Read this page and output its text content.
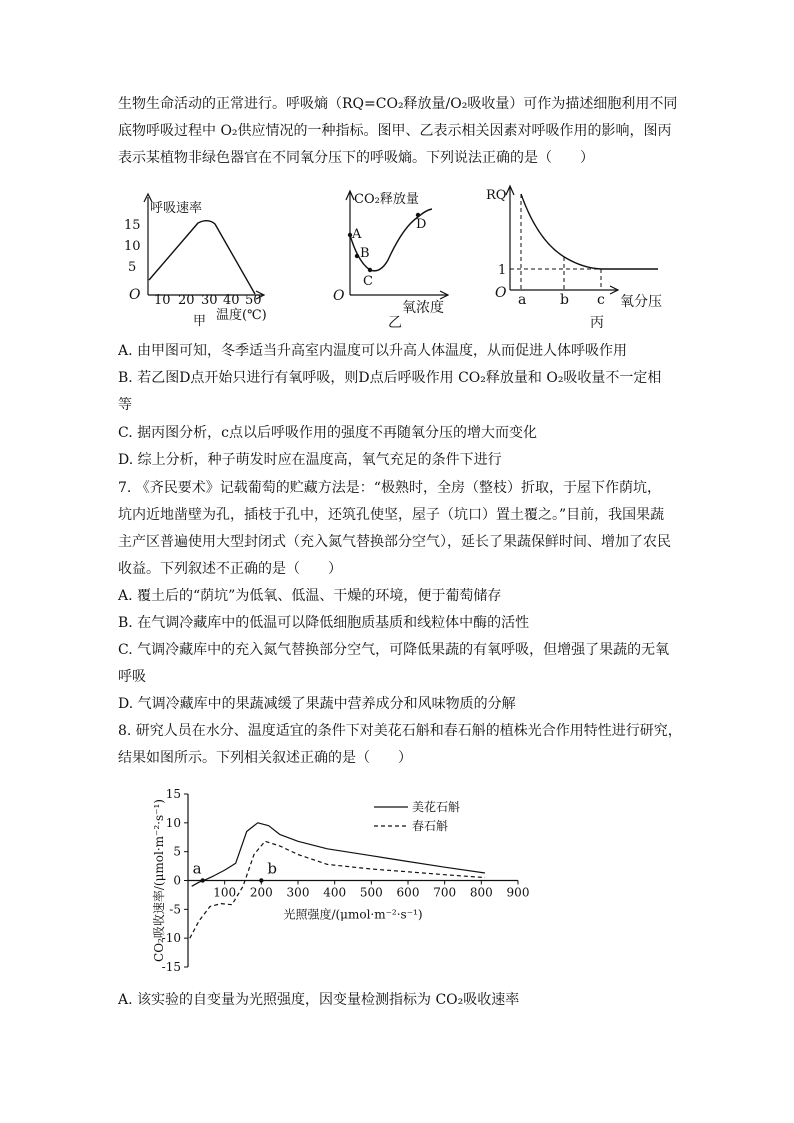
生物生命活动的正常进行。呼吸熵（RQ=CO₂释放量/O₂吸收量）可作为描述细胞利用不同

底物呼吸过程中 O₂供应情况的一种指标。图甲、乙表示相关因素对呼吸作用的影响，图丙

表示某植物非绿色器官在不同氧分压下的呼吸熵。下列说法正确的是（　　）

呼吸速率
15
10
5
O 10 20 30 40 50
甲 温度(℃)
CO₂释放量
A
B
C
D
O
氧浓度
乙
RQ
1
O a b c 氧分压
丙

A. 由甲图可知，冬季适当升高室内温度可以升高人体温度，从而促进人体呼吸作用

B. 若乙图D点开始只进行有氧呼吸，则D点后呼吸作用 CO₂释放量和 O₂吸收量不一定相

等

C. 据丙图分析，c点以后呼吸作用的强度不再随氧分压的增大而变化

D. 综上分析，种子萌发时应在温度高，氧气充足的条件下进行

7. 《齐民要术》记载葡萄的贮藏方法是：“极熟时，全房（整枝）折取，于屋下作荫坑，

坑内近地凿壁为孔，插枝于孔中，还筑孔使坚，屋子（坑口）置土覆之。”目前，我国果蔬

主产区普遍使用大型封闭式（充入氮气替换部分空气），延长了果蔬保鲜时间、增加了农民

收益。下列叙述不正确的是（　　）

A. 覆土后的“荫坑”为低氧、低温、干燥的环境，便于葡萄储存

B. 在气调冷藏库中的低温可以降低细胞质基质和线粒体中酶的活性

C. 气调冷藏库中的充入氮气替换部分空气，可降低果蔬的有氧呼吸，但增强了果蔬的无氧

呼吸

D. 气调冷藏库中的果蔬减缓了果蔬中营养成分和风味物质的分解

8. 研究人员在水分、温度适宜的条件下对美花石斛和春石斛的植株光合作用特性进行研究，

结果如图所示。下列相关叙述正确的是（　　）

15
10
5
0
-5
-10
-15
100 200 300 400 500 600 700 800 900
a	b
光照强度/(μmol·m⁻²·s⁻¹)
CO₂吸收速率/(μmol·m⁻²·s⁻¹)	美花石斛
春石斛

A. 该实验的自变量为光照强度，因变量检测指标为 CO₂吸收速率
